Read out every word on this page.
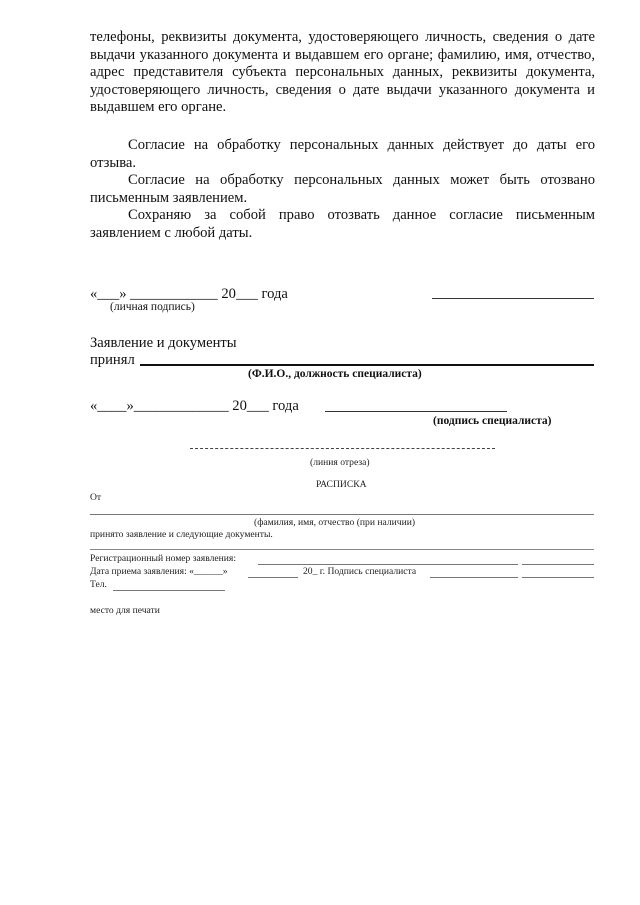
телефоны, реквизиты документа, удостоверяющего личность, сведения о дате выдачи указанного документа и выдавшем его органе; фамилию, имя, отчество, адрес представителя субъекта персональных данных, реквизиты документа, удостоверяющего личность, сведения о дате выдачи указанного документа и выдавшем его органе.

Согласие на обработку персональных данных действует до даты его отзыва.

Согласие на обработку персональных данных может быть отозвано письменным заявлением.

Сохраняю за собой право отозвать данное согласие письменным заявлением с любой даты.

«___» ____________ 20___ года
(личная подпись)
Заявление и документы
принял
(Ф.И.О., должность специалиста)
«____»_____________ 20___ года
(подпись специалиста)
(линия отреза)
РАСПИСКА
От
(фамилия, имя, отчество (при наличии)
принято заявление и следующие документы.
Регистрационный номер заявления:
Дата приема заявления: «______»	20_ г. Подпись специалиста
Тел.
место для печати
